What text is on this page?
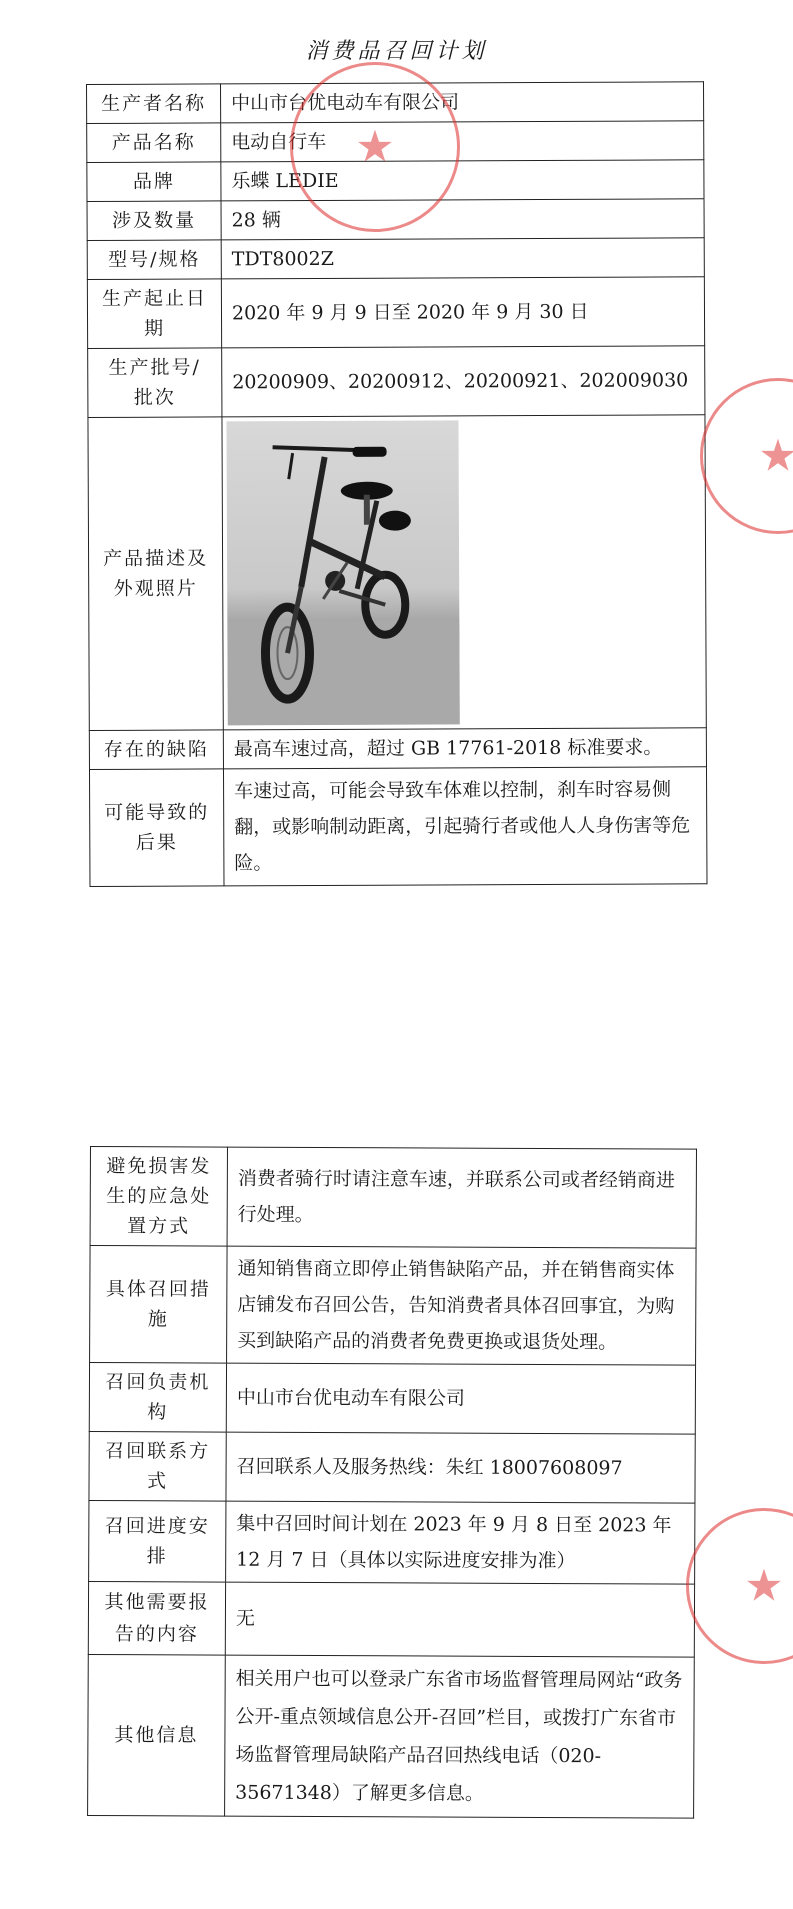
消费品召回计划
生产者名称	中山市台优电动车有限公司
产品名称	电动自行车
品牌	乐蝶 LEDIE
涉及数量	28 辆
型号/规格	TDT8002Z
生产起止日期	2020 年 9 月 9 日至 2020 年 9 月 30 日
生产批号/批次	20200909、20200912、20200921、202009030
产品描述及外观照片	

存在的缺陷	最高车速过高，超过 GB 17761-2018 标准要求。
可能导致的后果	车速过高，可能会导致车体难以控制，刹车时容易侧翻，或影响制动距离，引起骑行者或他人人身伤害等危险。
避免损害发生的应急处置方式	消费者骑行时请注意车速，并联系公司或者经销商进行处理。
具体召回措施	通知销售商立即停止销售缺陷产品，并在销售商实体店铺发布召回公告，告知消费者具体召回事宜，为购买到缺陷产品的消费者免费更换或退货处理。
召回负责机构	中山市台优电动车有限公司
召回联系方式	召回联系人及服务热线：朱红 18007608097
召回进度安排	集中召回时间计划在 2023 年 9 月 8 日至 2023 年 12 月 7 日（具体以实际进度安排为准）
其他需要报告的内容	无
其他信息	相关用户也可以登录广东省市场监督管理局网站“政务公开-重点领域信息公开-召回”栏目，或拨打广东省市场监督管理局缺陷产品召回热线电话（020-35671348）了解更多信息。
★
★
★
